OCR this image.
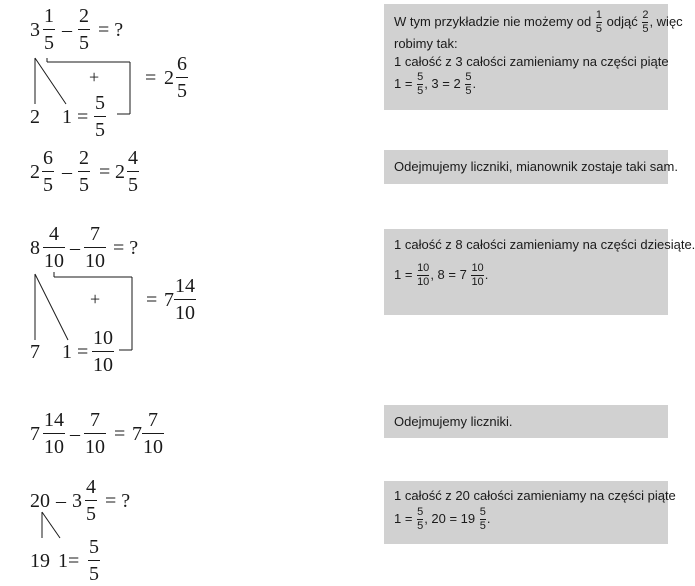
3
1
5
–
2
5
= ?
+ = 2
6
5
2 1 =
5
5
2
6
5
–
2
5
= 2
4
5
8
4
10
–
7
10
= ?
+ = 7
14
10
7 1 =
10
10
7
14
10
–
7
10
= 7
7
10
20 – 3
4
5
= ?
19 1=
5
5
W tym przykładzie nie możemy od $\frac{1}{5}$ odjąć $\frac{2}{5}$ , więc
robimy tak:
1 całość z 3 całości zamieniamy na części piąte
$1 = \frac{5}{5}$ , $3 = 2 \frac{5}{5}$ .
Odejmujemy liczniki, mianownik zostaje taki sam.
1 całość z 8 całości zamieniamy na części dziesiąte.
$1 = \frac{10}{10}$ , $8 = 7 \frac{10}{10}$ .
Odejmujemy liczniki.
1 całość z 20 całości zamieniamy na części piąte
$1 = \frac{5}{5}$ , $20 = 19 \frac{5}{5}$ .
